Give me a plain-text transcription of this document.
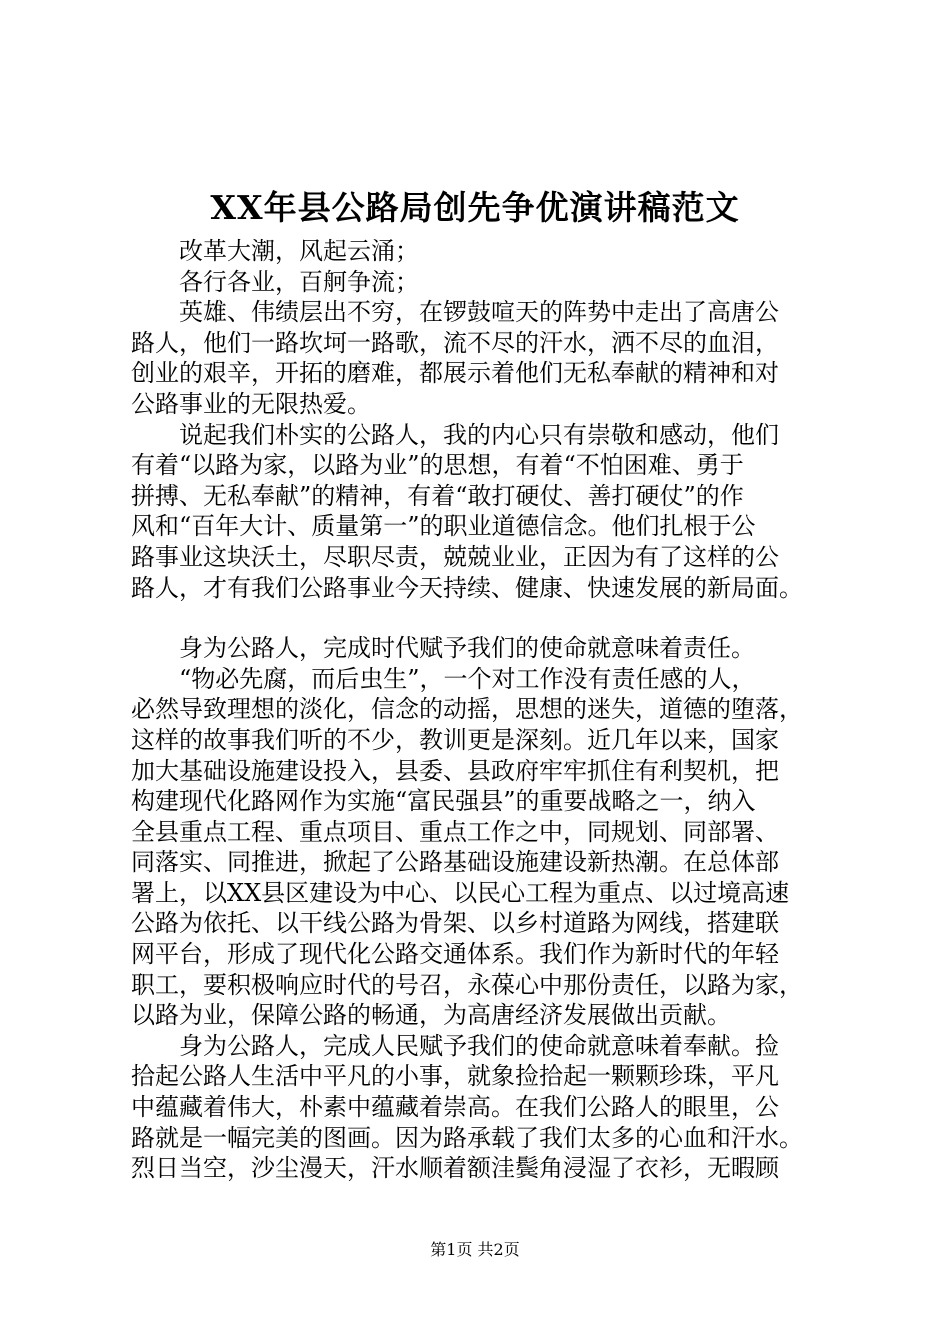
XX年县公路局创先争优演讲稿范文

改革大潮，风起云涌；

各行各业，百舸争流；

英雄、伟绩层出不穷，在锣鼓喧天的阵势中走出了高唐公
路人，他们一路坎坷一路歌，流不尽的汗水，洒不尽的血泪，
创业的艰辛，开拓的磨难，都展示着他们无私奉献的精神和对
公路事业的无限热爱。

说起我们朴实的公路人，我的内心只有崇敬和感动，他们
有着“以路为家，以路为业”的思想，有着“不怕困难、勇于
拼搏、无私奉献”的精神，有着“敢打硬仗、善打硬仗”的作
风和“百年大计、质量第一”的职业道德信念。他们扎根于公
路事业这块沃土，尽职尽责，兢兢业业，正因为有了这样的公
路人，才有我们公路事业今天持续、健康、快速发展的新局面。

身为公路人，完成时代赋予我们的使命就意味着责任。

“物必先腐，而后虫生”，一个对工作没有责任感的人，
必然导致理想的淡化，信念的动摇，思想的迷失，道德的堕落，
这样的故事我们听的不少，教训更是深刻。近几年以来，国家
加大基础设施建设投入，县委、县政府牢牢抓住有利契机，把
构建现代化路网作为实施“富民强县”的重要战略之一，纳入
全县重点工程、重点项目、重点工作之中，同规划、同部署、
同落实、同推进，掀起了公路基础设施建设新热潮。在总体部
署上，以XX县区建设为中心、以民心工程为重点、以过境高速
公路为依托、以干线公路为骨架、以乡村道路为网线，搭建联
网平台，形成了现代化公路交通体系。我们作为新时代的年轻
职工，要积极响应时代的号召，永葆心中那份责任，以路为家，
以路为业，保障公路的畅通，为高唐经济发展做出贡献。

身为公路人，完成人民赋予我们的使命就意味着奉献。捡
拾起公路人生活中平凡的小事，就象捡拾起一颗颗珍珠，平凡
中蕴藏着伟大，朴素中蕴藏着崇高。在我们公路人的眼里，公
路就是一幅完美的图画。因为路承载了我们太多的心血和汗水。
烈日当空，沙尘漫天，汗水顺着额洼鬓角浸湿了衣衫，无暇顾

第1页 共2页
